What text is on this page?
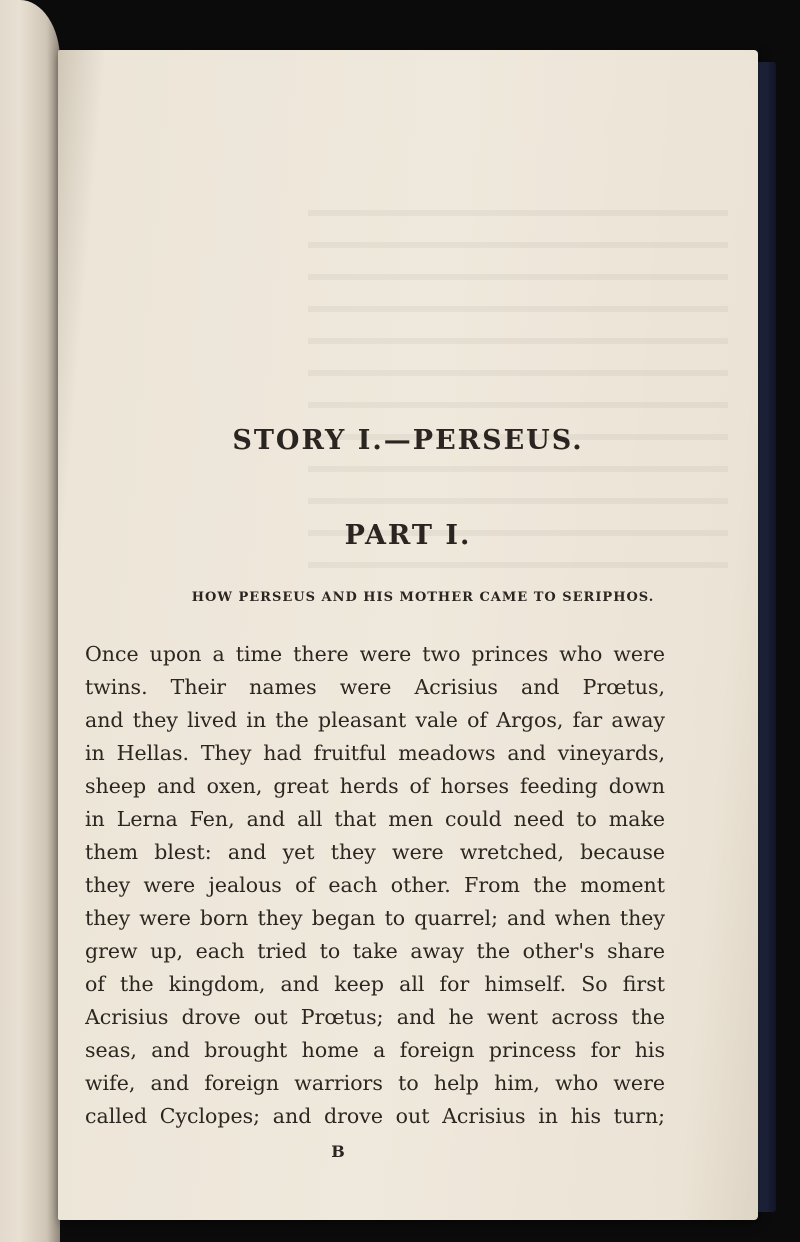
STORY I.—PERSEUS.
PART I.
HOW PERSEUS AND HIS MOTHER CAME TO SERIPHOS.
Once upon a time there were two princes who were
twins. Their names were Acrisius and Prœtus,
and they lived in the pleasant vale of Argos, far away
in Hellas. They had fruitful meadows and vineyards,
sheep and oxen, great herds of horses feeding down
in Lerna Fen, and all that men could need to make
them blest: and yet they were wretched, because
they were jealous of each other. From the moment
they were born they began to quarrel; and when they
grew up, each tried to take away the other's share
of the kingdom, and keep all for himself. So first
Acrisius drove out Prœtus; and he went across the
seas, and brought home a foreign princess for his
wife, and foreign warriors to help him, who were
called Cyclopes; and drove out Acrisius in his turn;
B
